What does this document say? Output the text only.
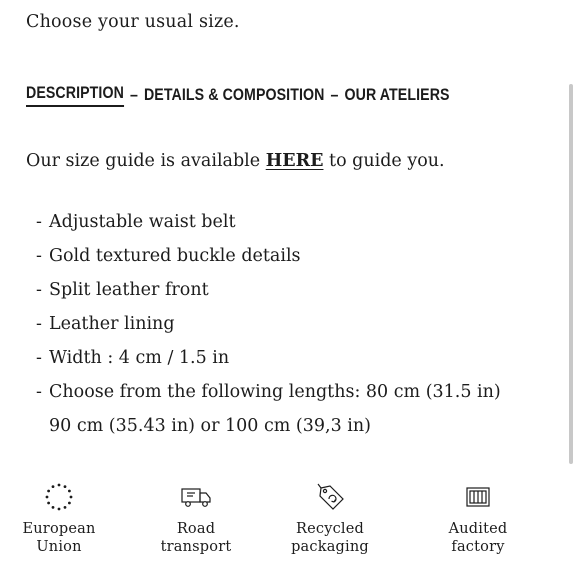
Choose your usual size.

DESCRIPTION – DETAILS & COMPOSITION – OUR ATELIERS

Our size guide is available HERE to guide you.

- Adjustable waist belt
- Gold textured buckle details
- Split leather front
- Leather lining
- Width : 4 cm / 1.5 in
- Choose from the following lengths: 80 cm (31.5 in)
90 cm (35.43 in) or 100 cm (39,3 in)
European
Union
Road
transport
Recycled
packaging
Audited
factory
